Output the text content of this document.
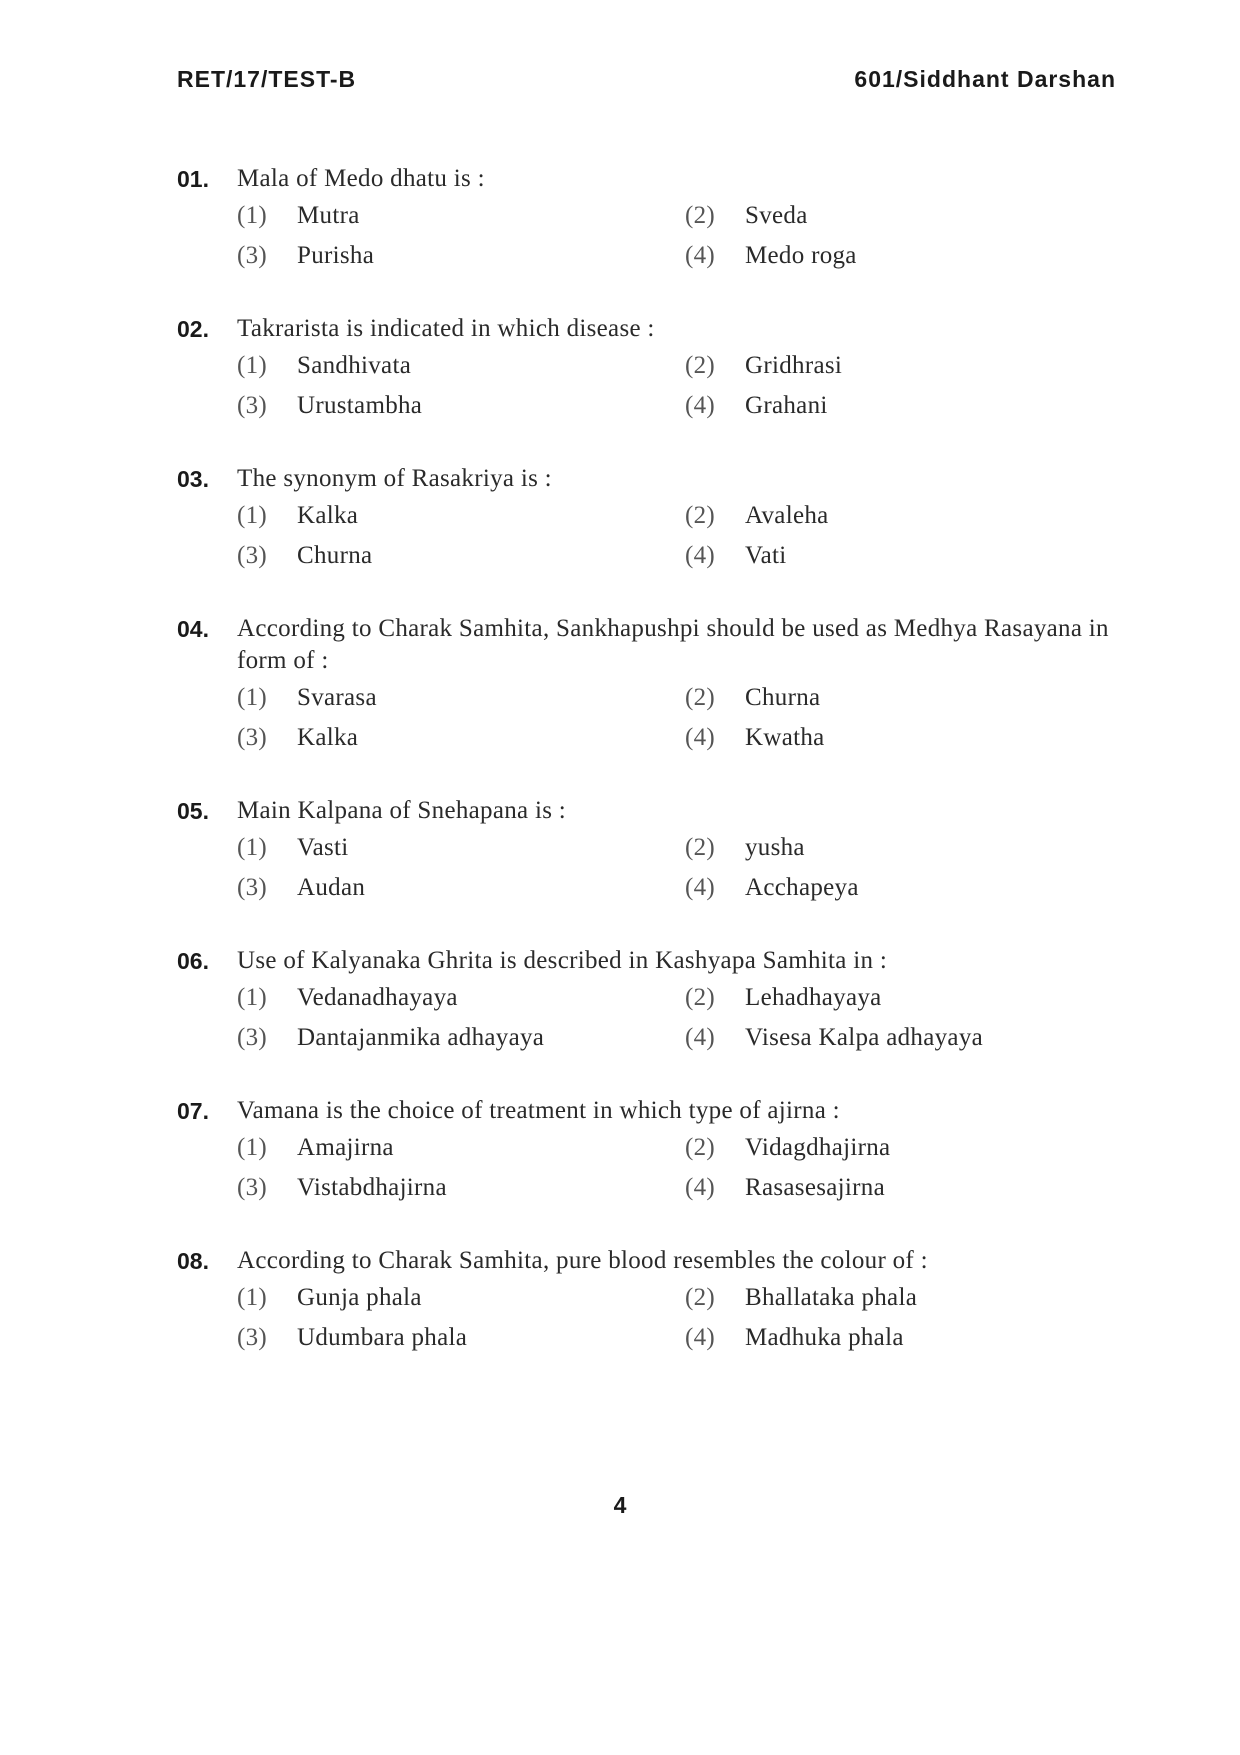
RET/17/TEST-B	601/Siddhant Darshan
01.	Mala of Medo dhatu is :
(1)	Mutra	(2)	Sveda
(3)	Purisha	(4)	Medo roga
02.	Takrarista is indicated in which disease :
(1)	Sandhivata	(2)	Gridhrasi
(3)	Urustambha	(4)	Grahani
03.	The synonym of Rasakriya is :
(1)	Kalka	(2)	Avaleha
(3)	Churna	(4)	Vati
04.	According to Charak Samhita, Sankhapushpi should be used as Medhya Rasayana in form of :
(1)	Svarasa	(2)	Churna
(3)	Kalka	(4)	Kwatha
05.	Main Kalpana of Snehapana is :
(1)	Vasti	(2)	yusha
(3)	Audan	(4)	Acchapeya
06.	Use of Kalyanaka Ghrita is described in Kashyapa Samhita in :
(1)	Vedanadhayaya	(2)	Lehadhayaya
(3)	Dantajanmika adhayaya	(4)	Visesa Kalpa adhayaya
07.	Vamana is the choice of treatment in which type of ajirna :
(1)	Amajirna	(2)	Vidagdhajirna
(3)	Vistabdhajirna	(4)	Rasasesajirna
08.	According to Charak Samhita, pure blood resembles the colour of :
(1)	Gunja phala	(2)	Bhallataka phala
(3)	Udumbara phala	(4)	Madhuka phala
4
